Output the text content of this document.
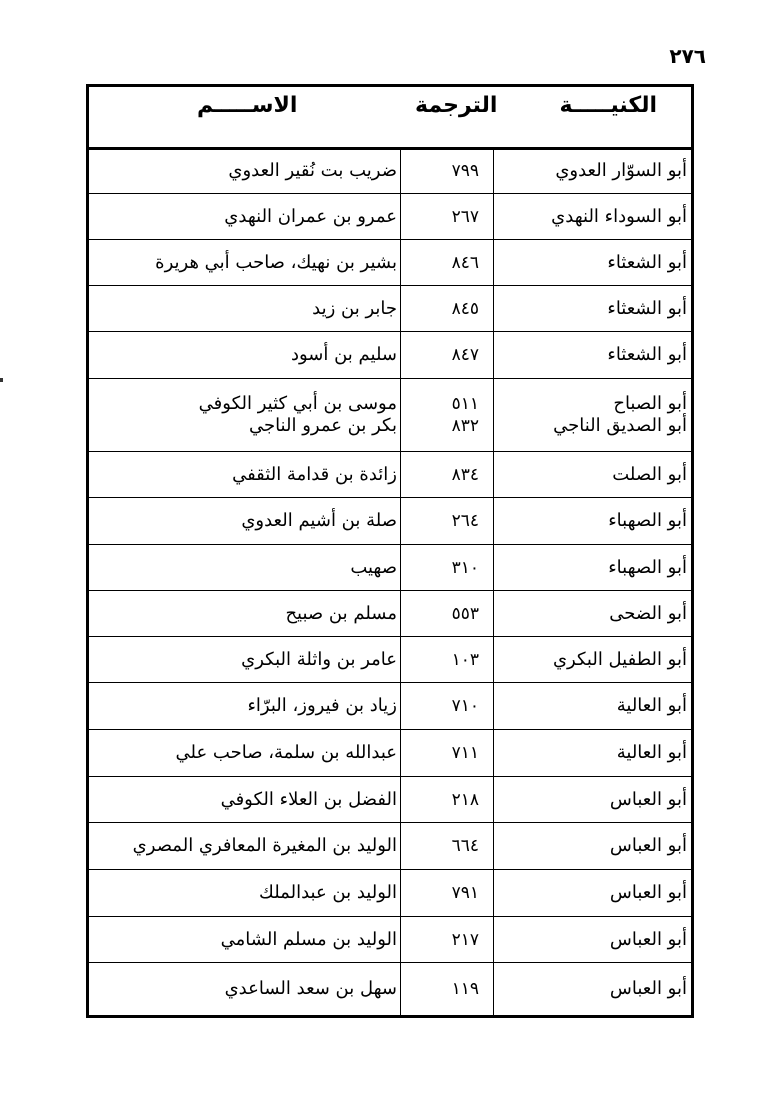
٢٧٦
الكنيـــــة
الترجمة
الاســـــم
أبو السوّار العدوي
٧٩٩
ضريب بت نُقير العدوي
أبو السوداء النهدي
٢٦٧
عمرو بن عمران النهدي
أبو الشعثاء
٨٤٦
بشير بن نهيك، صاحب أبي هريرة
أبو الشعثاء
٨٤٥
جابر بن زيد
أبو الشعثاء
٨٤٧
سليم بن أسود
أبو الصباح
أبو الصديق الناجي
٥١١
٨٣٢
موسى بن أبي كثير الكوفي
بكر بن عمرو الناجي
أبو الصلت
٨٣٤
زائدة بن قدامة الثقفي
أبو الصهباء
٢٦٤
صلة بن أشيم العدوي
أبو الصهباء
٣١٠
صهيب
أبو الضحى
٥٥٣
مسلم بن صبيح
أبو الطفيل البكري
١٠٣
عامر بن واثلة البكري
أبو العالية
٧١٠
زياد بن فيروز، البرّاء
أبو العالية
٧١١
عبدالله بن سلمة، صاحب علي
أبو العباس
٢١٨
الفضل بن العلاء الكوفي
أبو العباس
٦٦٤
الوليد بن المغيرة المعافري المصري
أبو العباس
٧٩١
الوليد بن عبدالملك
أبو العباس
٢١٧
الوليد بن مسلم الشامي
أبو العباس
١١٩
سهل بن سعد الساعدي
